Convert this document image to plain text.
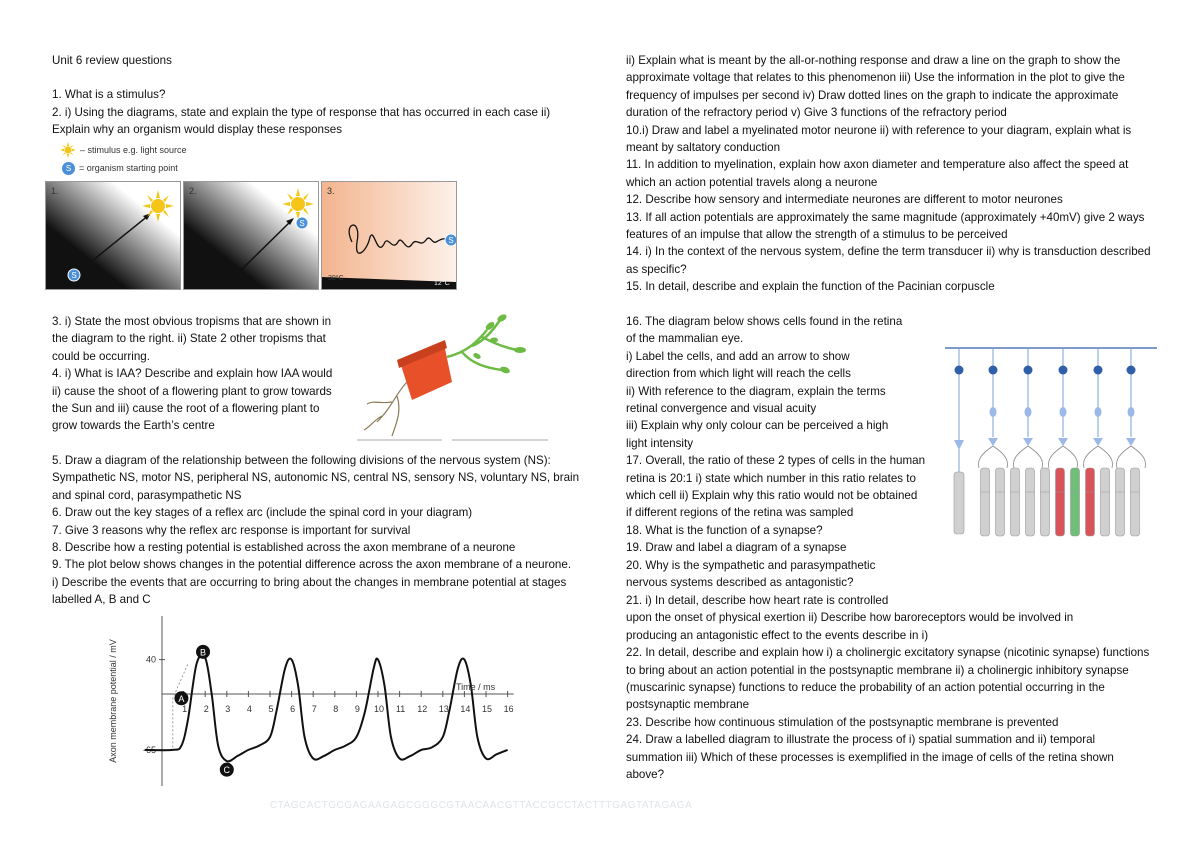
Unit 6 review questions

1. What is a stimulus?

2. i) Using the diagrams, state and explain the type of response that has occurred in each case ii) Explain why an organism would display these responses

– stimulus e.g. light source
S = organism starting point
S
1.
S
2.
S
3.
30°C
12°C

3. i) State the most obvious tropisms that are shown in the diagram to the right. ii) State 2 other tropisms that could be occurring.

4. i) What is IAA? Describe and explain how IAA would ii) cause the shoot of a flowering plant to grow towards the Sun and iii) cause the root of a flowering plant to grow towards the Earth’s centre

5. Draw a diagram of the relationship between the following divisions of the nervous system (NS): Sympathetic NS, motor NS, peripheral NS, autonomic NS, central NS, sensory NS, voluntary NS, brain and spinal cord, parasympathetic NS

6. Draw out the key stages of a reflex arc (include the spinal cord in your diagram)

7. Give 3 reasons why the reflex arc response is important for survival

8. Describe how a resting potential is established across the axon membrane of a neurone

9. The plot below shows changes in the potential difference across the axon membrane of a neurone. i) Describe the events that are occurring to bring about the changes in membrane potential at stages labelled A, B and C

Axon membrane potential / mV	1 2 3 4 5 6 7 8 9 10 11 12 13 14 15 16
40
-65
A
B
C
Time / ms

ii) Explain what is meant by the all-or-nothing response and draw a line on the graph to show the approximate voltage that relates to this phenomenon iii) Use the information in the plot to give the frequency of impulses per second iv) Draw dotted lines on the graph to indicate the approximate duration of the refractory period v) Give 3 functions of the refractory period

10.i) Draw and label a myelinated motor neurone ii) with reference to your diagram, explain what is meant by saltatory conduction

11. In addition to myelination, explain how axon diameter and temperature also affect the speed at which an action potential travels along a neurone

12. Describe how sensory and intermediate neurones are different to motor neurones

13. If all action potentials are approximately the same magnitude (approximately +40mV) give 2 ways features of an impulse that allow the strength of a stimulus to be perceived

14. i) In the context of the nervous system, define the term transducer ii) why is transduction described as specific?

15. In detail, describe and explain the function of the Pacinian corpuscle

16. The diagram below shows cells found in the retina

of the mammalian eye.

i) Label the cells, and add an arrow to show

direction from which light will reach the cells

ii) With reference to the diagram, explain the terms

retinal convergence and visual acuity

iii) Explain why only colour can be perceived a high

light intensity

17. Overall, the ratio of these 2 types of cells in the human

retina is 20:1 i) state which number in this ratio relates to

which cell ii) Explain why this ratio would not be obtained

if different regions of the retina was sampled

18. What is the function of a synapse?

19. Draw and label a diagram of a synapse

20. Why is the sympathetic and parasympathetic

nervous systems described as antagonistic?

21. i) In detail, describe how heart rate is controlled

upon the onset of physical exertion ii) Describe how baroreceptors would be involved in

producing an antagonistic effect to the events describe in i)

22. In detail, describe and explain how i) a cholinergic excitatory synapse (nicotinic synapse) functions to bring about an action potential in the postsynaptic membrane ii) a cholinergic inhibitory synapse (muscarinic synapse) functions to reduce the probability of an action potential occurring in the postsynaptic membrane

23. Describe how continuous stimulation of the postsynaptic membrane is prevented

24. Draw a labelled diagram to illustrate the process of i) spatial summation and ii) temporal summation iii) Which of these processes is exemplified in the image of cells of the retina shown above?

CTAGCACTGCGAGAAGAGCGGGCGTAACAACGTTACCGCCTACTTTGAGTATAGAGA
